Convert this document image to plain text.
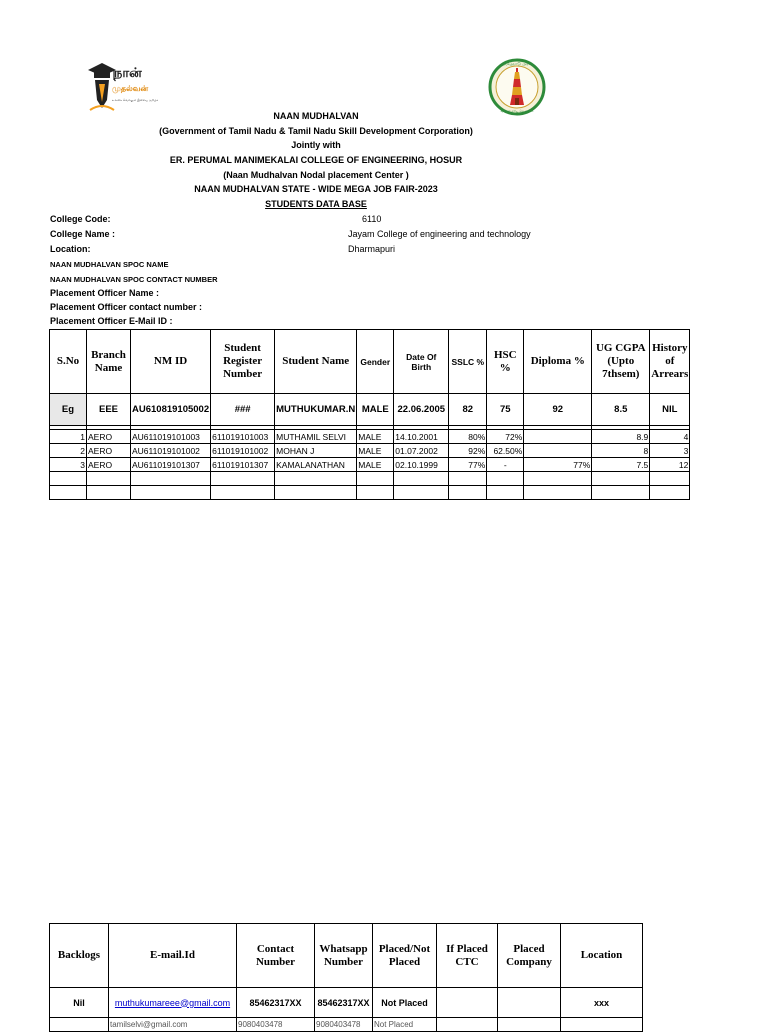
நான்
முதல்வன்
உலகை வெல்லும் இளைய தமிழகம்
தமிழ்நாடு அரசு
வாய்மையே வெல்லும்
NAAN MUDHALVAN
(Government of Tamil Nadu & Tamil Nadu Skill Development Corporation)
Jointly with
ER. PERUMAL MANIMEKALAI COLLEGE OF ENGINEERING, HOSUR
(Naan Mudhalvan Nodal placement Center )
NAAN MUDHALVAN STATE - WIDE MEGA JOB FAIR-2023
STUDENTS DATA BASE
College Code:	6110
College Name :	Jayam College of engineering and technology
Location:	Dharmapuri
NAAN MUDHALVAN SPOC NAME
NAAN MUDHALVAN SPOC CONTACT NUMBER
Placement Officer Name :
Placement Officer contact number :
Placement Officer E-Mail ID :
S.No	Branch Name	NM ID	Student Register Number	Student Name	Gender	Date Of Birth	SSLC %	HSC %	Diploma %	UG CGPA (Upto 7thsem)	History of Arrears
Eg	EEE	AU610819105002	###	MUTHUKUMAR.N	MALE	22.06.2005	82	75	92	8.5	NIL

1	AERO	AU611019101003	611019101003	MUTHAMIL SELVI	MALE	14.10.2001	80%	72%		8.9	4
2	AERO	AU611019101002	611019101002	MOHAN J	MALE	01.07.2002	92%	62.50%		8	3
3	AERO	AU611019101307	611019101307	KAMALANATHAN	MALE	02.10.1999	77%	-	77%	7.5	12

Backlogs	E-mail.Id	Contact Number	Whatsapp Number	Placed/Not Placed	If Placed CTC	Placed Company	Location
Nil	muthukumareee@gmail.com	85462317XX	85462317XX	Not Placed			xxx
	tamilselvi@gmail.com	9080403478	9080403478	Not Placed			
